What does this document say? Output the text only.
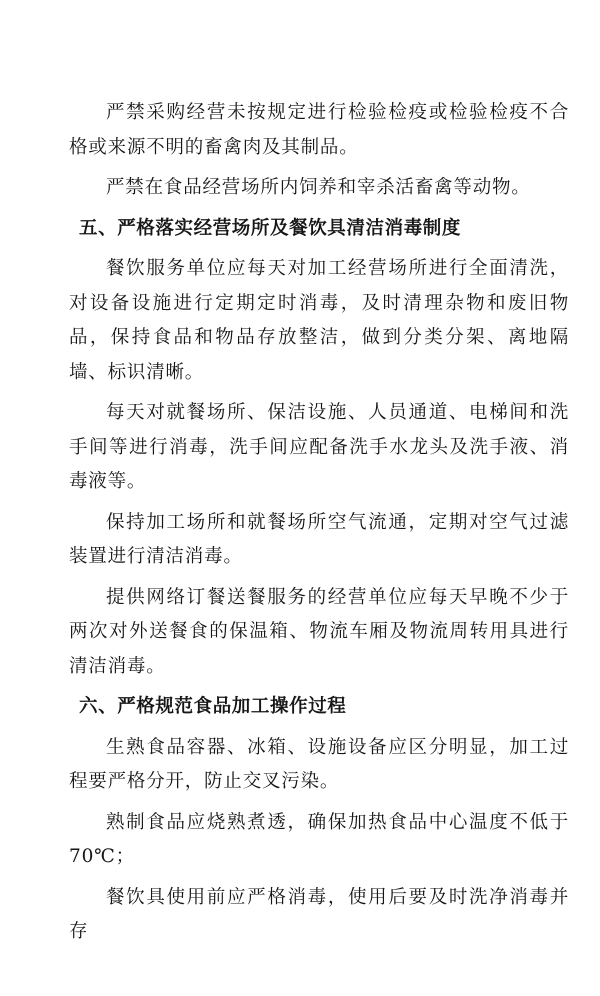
严禁采购经营未按规定进行检验检疫或检验检疫不合格或来源不明的畜禽肉及其制品。

严禁在食品经营场所内饲养和宰杀活畜禽等动物。

五、严格落实经营场所及餐饮具清洁消毒制度

餐饮服务单位应每天对加工经营场所进行全面清洗，对设备设施进行定期定时消毒，及时清理杂物和废旧物品，保持食品和物品存放整洁，做到分类分架、离地隔墙、标识清晰。

每天对就餐场所、保洁设施、人员通道、电梯间和洗手间等进行消毒，洗手间应配备洗手水龙头及洗手液、消毒液等。

保持加工场所和就餐场所空气流通，定期对空气过滤装置进行清洁消毒。

提供网络订餐送餐服务的经营单位应每天早晚不少于两次对外送餐食的保温箱、物流车厢及物流周转用具进行清洁消毒。

六、严格规范食品加工操作过程

生熟食品容器、冰箱、设施设备应区分明显，加工过程要严格分开，防止交叉污染。

熟制食品应烧熟煮透，确保加热食品中心温度不低于70℃；

餐饮具使用前应严格消毒，使用后要及时洗净消毒并存
